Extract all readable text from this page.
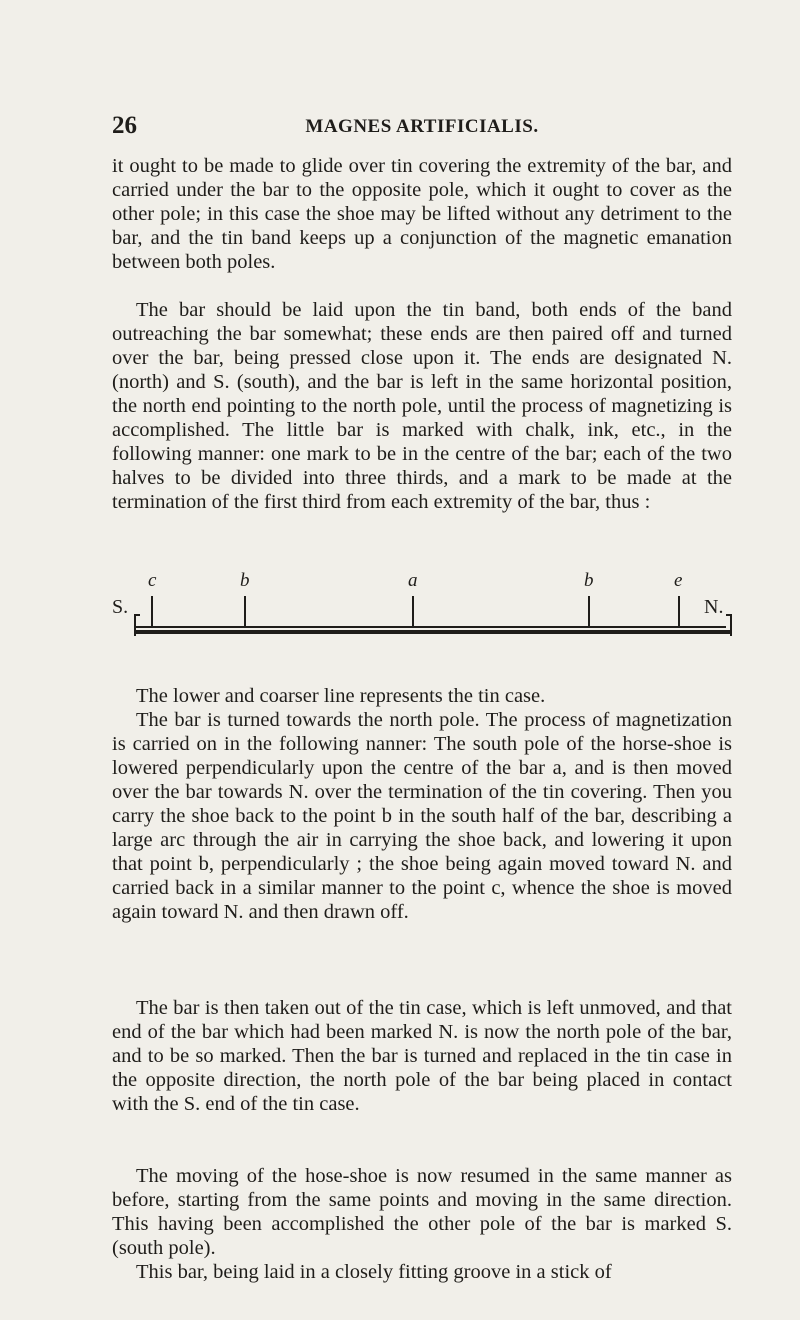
26	MAGNES ARTIFICIALIS.

it ought to be made to glide over tin covering the extremity of the bar, and carried under the bar to the opposite pole, which it ought to cover as the other pole; in this case the shoe may be lifted without any detriment to the bar, and the tin band keeps up a conjunction of the magnetic emanation between both poles.

The bar should be laid upon the tin band, both ends of the band outreaching the bar somewhat; these ends are then paired off and turned over the bar, being pressed close upon it. The ends are designated N. (north) and S. (south), and the bar is left in the same horizontal position, the north end pointing to the north pole, until the process of magnetizing is accomplished. The little bar is marked with chalk, ink, etc., in the following manner: one mark to be in the centre of the bar; each of the two halves to be divided into three thirds, and a mark to be made at the termination of the first third from each extremity of the bar, thus :

S.	N.
c	b	a	b	e

The lower and coarser line represents the tin case.

The bar is turned towards the north pole. The process of magnetization is carried on in the following nanner: The south pole of the horse-shoe is lowered perpendicularly upon the centre of the bar a, and is then moved over the bar towards N. over the termination of the tin covering. Then you carry the shoe back to the point b in the south half of the bar, describing a large arc through the air in carrying the shoe back, and lowering it upon that point b, perpendicularly ; the shoe being again moved toward N. and carried back in a similar manner to the point c, whence the shoe is moved again toward N. and then drawn off.

The bar is then taken out of the tin case, which is left unmoved, and that end of the bar which had been marked N. is now the north pole of the bar, and to be so marked. Then the bar is turned and replaced in the tin case in the opposite direction, the north pole of the bar being placed in contact with the S. end of the tin case.

The moving of the hose-shoe is now resumed in the same manner as before, starting from the same points and moving in the same direction. This having been accomplished the other pole of the bar is marked S. (south pole).

This bar, being laid in a closely fitting groove in a stick of
